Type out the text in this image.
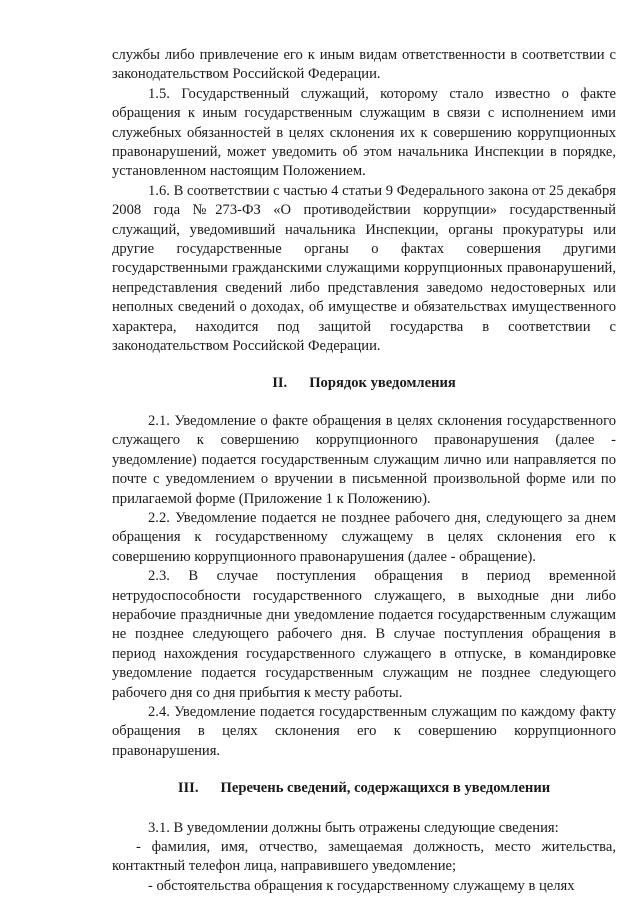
службы либо привлечение его к иным видам ответственности в соответствии с законодательством Российской Федерации.

1.5. Государственный служащий, которому стало известно о факте обращения к иным государственным служащим в связи с исполнением ими служебных обязанностей в целях склонения их к совершению коррупционных правонарушений, может уведомить об этом начальника Инспекции в порядке, установленном настоящим Положением.

1.6. В соответствии с частью 4 статьи 9 Федерального закона от 25 декабря 2008 года №273-ФЗ «О противодействии коррупции» государственный служащий, уведомивший начальника Инспекции, органы прокуратуры или другие государственные органы о фактах совершения другими государственными гражданскими служащими коррупционных правонарушений, непредставления сведений либо представления заведомо недостоверных или неполных сведений о доходах, об имуществе и обязательствах имущественного характера, находится под защитой государства в соответствии с законодательством Российской Федерации.

II. Порядок уведомления

2.1. Уведомление о факте обращения в целях склонения государственного служащего к совершению коррупционного правонарушения (далее - уведомление) подается государственным служащим лично или направляется по почте с уведомлением о вручении в письменной произвольной форме или по прилагаемой форме (Приложение 1 к Положению).

2.2. Уведомление подается не позднее рабочего дня, следующего за днем обращения к государственному служащему в целях склонения его к совершению коррупционного правонарушения (далее - обращение).

2.3. В случае поступления обращения в период временной нетрудоспособности государственного служащего, в выходные дни либо нерабочие праздничные дни уведомление подается государственным служащим не позднее следующего рабочего дня. В случае поступления обращения в период нахождения государственного служащего в отпуске, в командировке уведомление подается государственным служащим не позднее следующего рабочего дня со дня прибытия к месту работы.

2.4. Уведомление подается государственным служащим по каждому факту обращения в целях склонения его к совершению коррупционного правонарушения.

III. Перечень сведений, содержащихся в уведомлении

3.1. В уведомлении должны быть отражены следующие сведения:

- фамилия, имя, отчество, замещаемая должность, место жительства, контактный телефон лица, направившего уведомление;

- обстоятельства обращения к государственному служащему в целях
